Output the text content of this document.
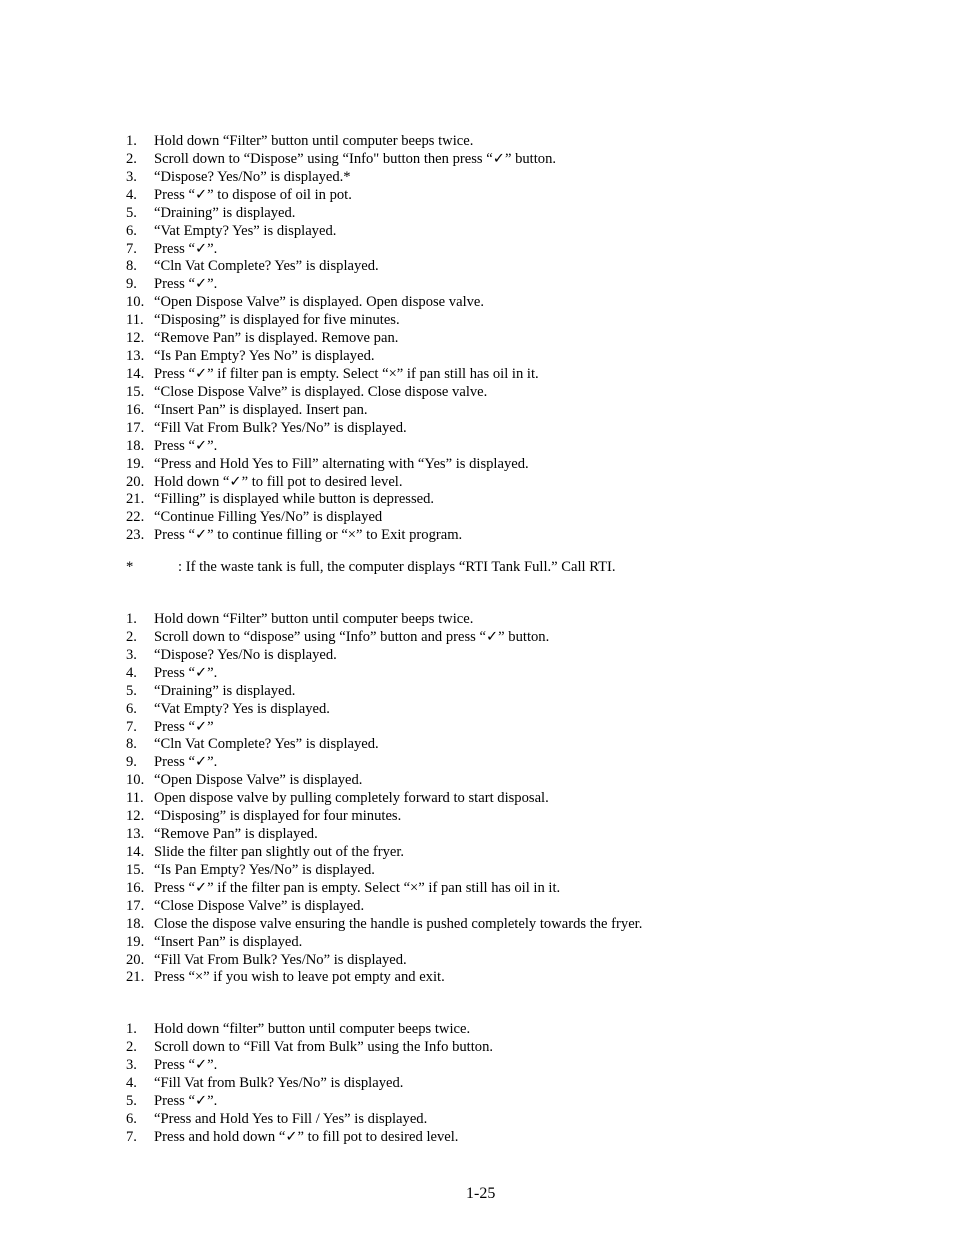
1.	Hold down “Filter” button until computer beeps twice.
2.	Scroll down to “Dispose” using “Info" button then press “✓” button.
3.	“Dispose? Yes/No” is displayed.*
4.	Press “✓” to dispose of oil in pot.
5.	“Draining” is displayed.
6.	“Vat Empty? Yes” is displayed.
7.	Press “✓”.
8.	“Cln Vat Complete? Yes” is displayed.
9.	Press “✓”.
10. “Open Dispose Valve” is displayed. Open dispose valve.
11. “Disposing” is displayed for five minutes.
12. “Remove Pan” is displayed. Remove pan.
13. “Is Pan Empty? Yes No” is displayed.
14. Press “✓” if filter pan is empty. Select “×” if pan still has oil in it.
15. “Close Dispose Valve” is displayed. Close dispose valve.
16. “Insert Pan” is displayed. Insert pan.
17. “Fill Vat From Bulk? Yes/No” is displayed.
18. Press “✓”.
19. “Press and Hold Yes to Fill” alternating with “Yes” is displayed.
20. Hold down “✓” to fill pot to desired level.
21. “Filling” is displayed while button is depressed.
22. “Continue Filling Yes/No” is displayed
23. Press “✓” to continue filling or “×” to Exit program.
*	: If the waste tank is full, the computer displays “RTI Tank Full.” Call RTI.
1.	Hold down “Filter” button until computer beeps twice.
2.	Scroll down to “dispose” using “Info” button and press “✓” button.
3.	“Dispose? Yes/No is displayed.
4.	Press “✓”.
5.	“Draining” is displayed.
6.	“Vat Empty? Yes is displayed.
7.	Press “✓”
8.	“Cln Vat Complete? Yes” is displayed.
9.	Press “✓”.
10. “Open Dispose Valve” is displayed.
11. Open dispose valve by pulling completely forward to start disposal.
12. “Disposing” is displayed for four minutes.
13. “Remove Pan” is displayed.
14. Slide the filter pan slightly out of the fryer.
15. “Is Pan Empty? Yes/No” is displayed.
16. Press “✓” if the filter pan is empty. Select “×” if pan still has oil in it.
17. “Close Dispose Valve” is displayed.
18. Close the dispose valve ensuring the handle is pushed completely towards the fryer.
19. “Insert Pan” is displayed.
20. “Fill Vat From Bulk? Yes/No” is displayed.
21. Press “×” if you wish to leave pot empty and exit.
1.	Hold down “filter” button until computer beeps twice.
2.	Scroll down to “Fill Vat from Bulk” using the Info button.
3.	Press “✓”.
4.	“Fill Vat from Bulk? Yes/No” is displayed.
5.	Press “✓”.
6.	“Press and Hold Yes to Fill / Yes” is displayed.
7.	Press and hold down “✓” to fill pot to desired level.
1-25
